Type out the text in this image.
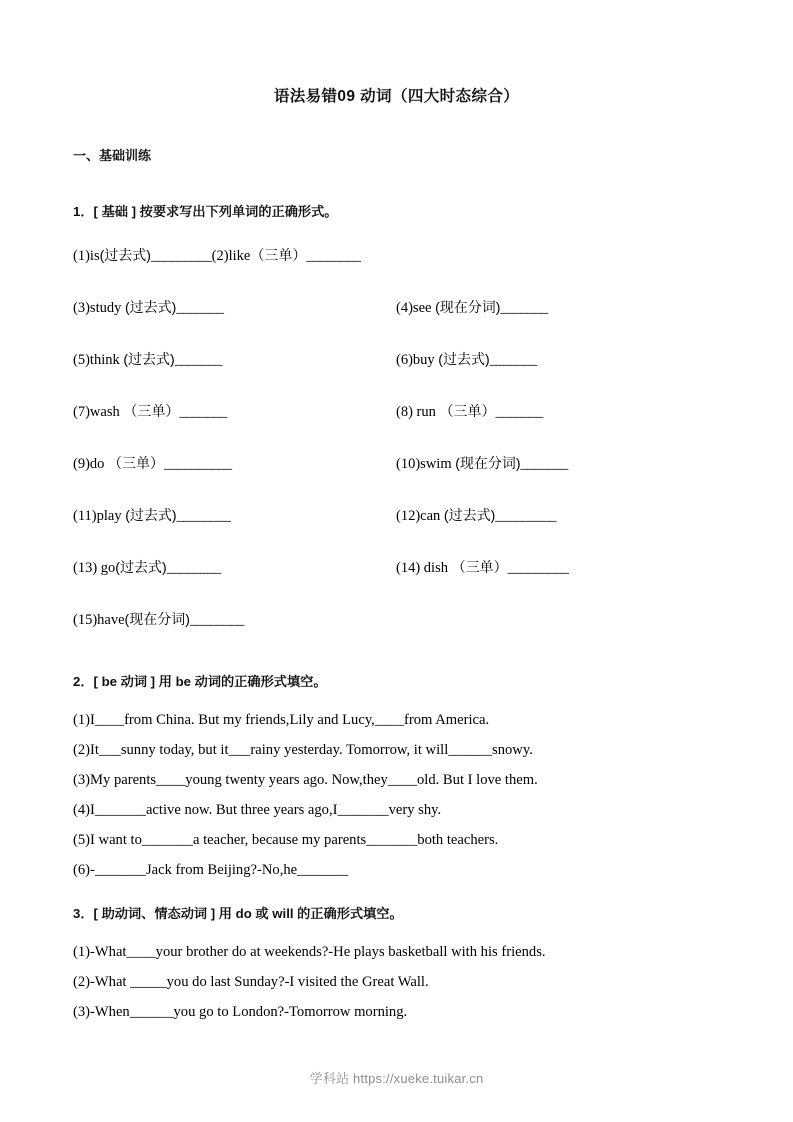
语法易错09 动词（四大时态综合）
一、基础训练
1．[ 基础 ] 按要求写出下列单词的正确形式。
(1)is(过去式)_________(2)like（三单）________
(3)study (过去式)_______	(4)see (现在分词)_______
(5)think (过去式)_______	(6)buy (过去式)_______
(7)wash （三单）_______	(8) run （三单）_______
(9)do （三单）__________	(10)swim (现在分词)_______
(11)play (过去式)________	(12)can (过去式)_________
(13) go(过去式)________	(14) dish （三单）_________
(15)have(现在分词)________
2．[ be 动词 ] 用 be 动词的正确形式填空。
(1)I____from China. But my friends,Lily and Lucy,____from America.
(2)It___sunny today, but it___rainy yesterday. Tomorrow, it will______snowy.
(3)My parents____young twenty years ago. Now,they____old. But I love them.
(4)I_______active now. But three years ago,I_______very shy.
(5)I want to_______a teacher, because my parents_______both teachers.
(6)-_______Jack from Beijing?-No,he_______
3．[ 助动词、情态动词 ] 用 do 或 will 的正确形式填空。
(1)-What____your brother do at weekends?-He plays basketball with his friends.
(2)-What _____you do last Sunday?-I visited the Great Wall.
(3)-When______you go to London?-Tomorrow morning.
学科站 https://xueke.tuikar.cn
